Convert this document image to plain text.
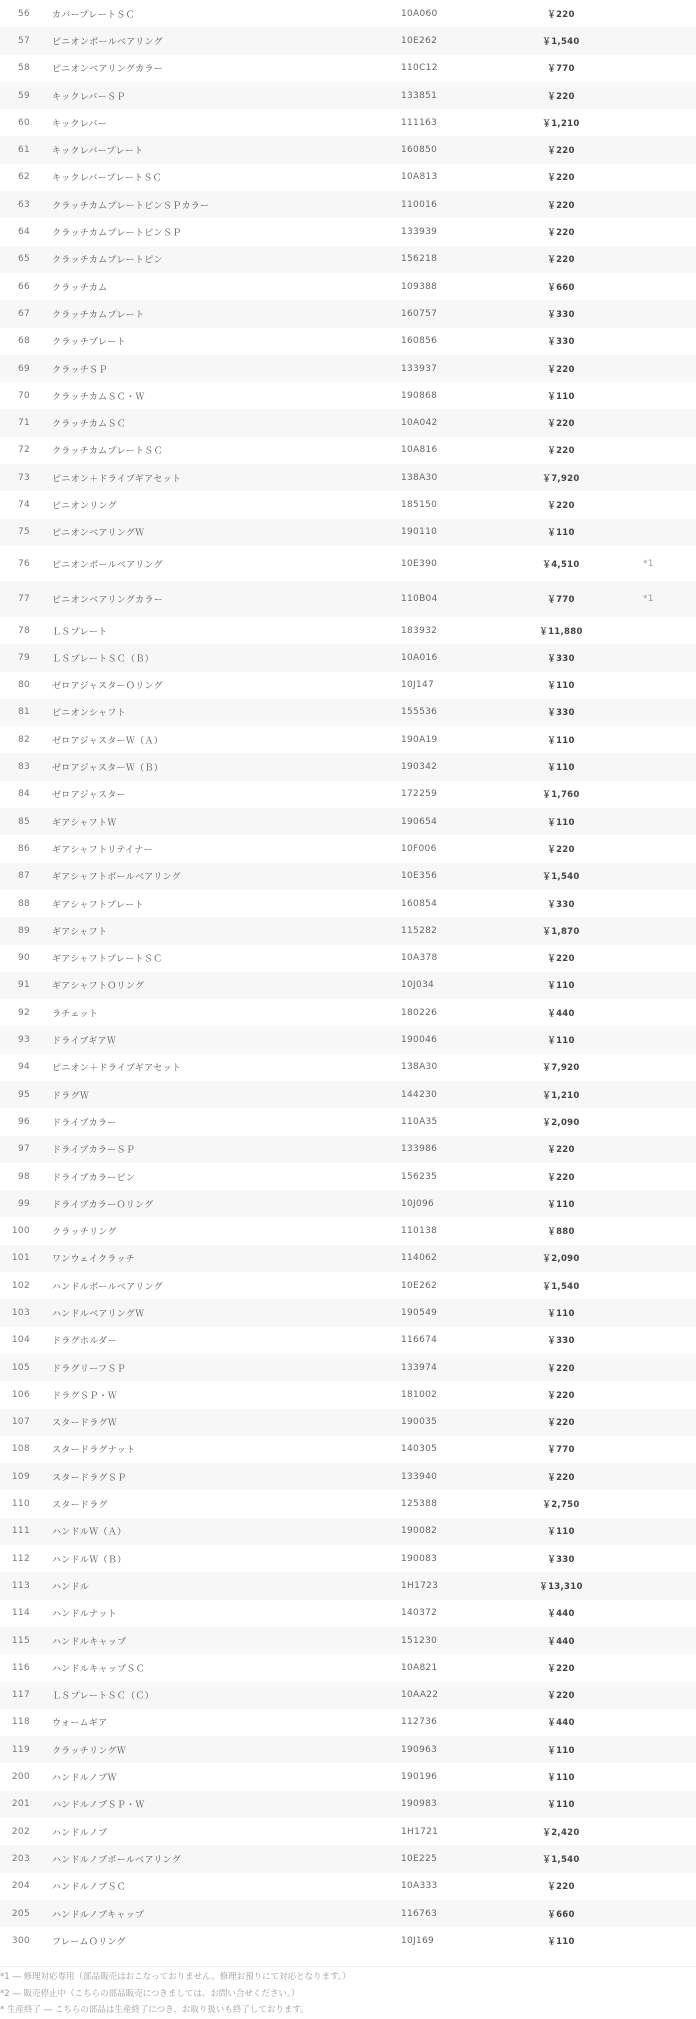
56 カバープレートＳＣ	10A060	￥220
57 ピニオンボールベアリング	10E262	￥1,540
58 ピニオンベアリングカラー	110C12	￥770
59 キックレバーＳＰ	133851	￥220
60 キックレバー	111163	￥1,210
61 キックレバープレート	160850	￥220
62 キックレバープレートＳＣ	10A813	￥220
63 クラッチカムプレートピンＳＰカラー	110016	￥220
64 クラッチカムプレートピンＳＰ	133939	￥220
65 クラッチカムプレートピン	156218	￥220
66 クラッチカム	109388	￥660
67 クラッチカムプレート	160757	￥330
68 クラッチプレート	160856	￥330
69 クラッチＳＰ	133937	￥220
70 クラッチカムＳＣ・Ｗ	190868	￥110
71 クラッチカムＳＣ	10A042	￥220
72 クラッチカムプレートＳＣ	10A816	￥220
73 ピニオン＋ドライブギアセット	138A30	￥7,920
74 ピニオンリング	185150	￥220
75 ピニオンベアリングＷ	190110	￥110
76 ピニオンボールベアリング	10E390	￥4,510	*1
77 ピニオンベアリングカラー	110B04	￥770	*1
78 ＬＳプレート	183932	￥11,880
79 ＬＳプレートＳＣ（Ｂ）	10A016	￥330
80 ゼロアジャスターＯリング	10J147	￥110
81 ピニオンシャフト	155536	￥330
82 ゼロアジャスターＷ（Ａ）	190A19	￥110
83 ゼロアジャスターＷ（Ｂ）	190342	￥110
84 ゼロアジャスター	172259	￥1,760
85 ギアシャフトＷ	190654	￥110
86 ギアシャフトリテイナー	10F006	￥220
87 ギアシャフトボールベアリング	10E356	￥1,540
88 ギアシャフトプレート	160854	￥330
89 ギアシャフト	115282	￥1,870
90 ギアシャフトプレートＳＣ	10A378	￥220
91 ギアシャフトＯリング	10J034	￥110
92 ラチェット	180226	￥440
93 ドライブギアＷ	190046	￥110
94 ピニオン＋ドライブギアセット	138A30	￥7,920
95 ドラグＷ	144230	￥1,210
96 ドライブカラー	110A35	￥2,090
97 ドライブカラーＳＰ	133986	￥220
98 ドライブカラーピン	156235	￥220
99 ドライブカラーＯリング	10J096	￥110
100 クラッチリング	110138	￥880
101 ワンウェイクラッチ	114062	￥2,090
102 ハンドルボールベアリング	10E262	￥1,540
103 ハンドルベアリングＷ	190549	￥110
104 ドラグホルダー	116674	￥330
105 ドラグリーフＳＰ	133974	￥220
106 ドラグＳＰ・Ｗ	181002	￥220
107 スタードラグＷ	190035	￥220
108 スタードラグナット	140305	￥770
109 スタードラグＳＰ	133940	￥220
110 スタードラグ	125388	￥2,750
111 ハンドルＷ（Ａ）	190082	￥110
112 ハンドルＷ（Ｂ）	190083	￥330
113 ハンドル	1H1723	￥13,310
114 ハンドルナット	140372	￥440
115 ハンドルキャップ	151230	￥440
116 ハンドルキャップＳＣ	10A821	￥220
117 ＬＳプレートＳＣ（Ｃ）	10AA22	￥220
118 ウォームギア	112736	￥440
119 クラッチリングＷ	190963	￥110
200 ハンドルノブＷ	190196	￥110
201 ハンドルノブＳＰ・Ｗ	190983	￥110
202 ハンドルノブ	1H1721	￥2,420
203 ハンドルノブボールベアリング	10E225	￥1,540
204 ハンドルノブＳＣ	10A333	￥220
205 ハンドルノブキャップ	116763	￥660
300 フレームＯリング	10J169	￥110
*1 ― 修理対応専用（部品販売はおこなっておりません。修理お預りにて対応となります。）
*2 ― 販売停止中（こちらの部品販売につきましては、お問い合せください。）
* 生産終了 ― こちらの部品は生産終了につき、お取り扱いも終了しております。
